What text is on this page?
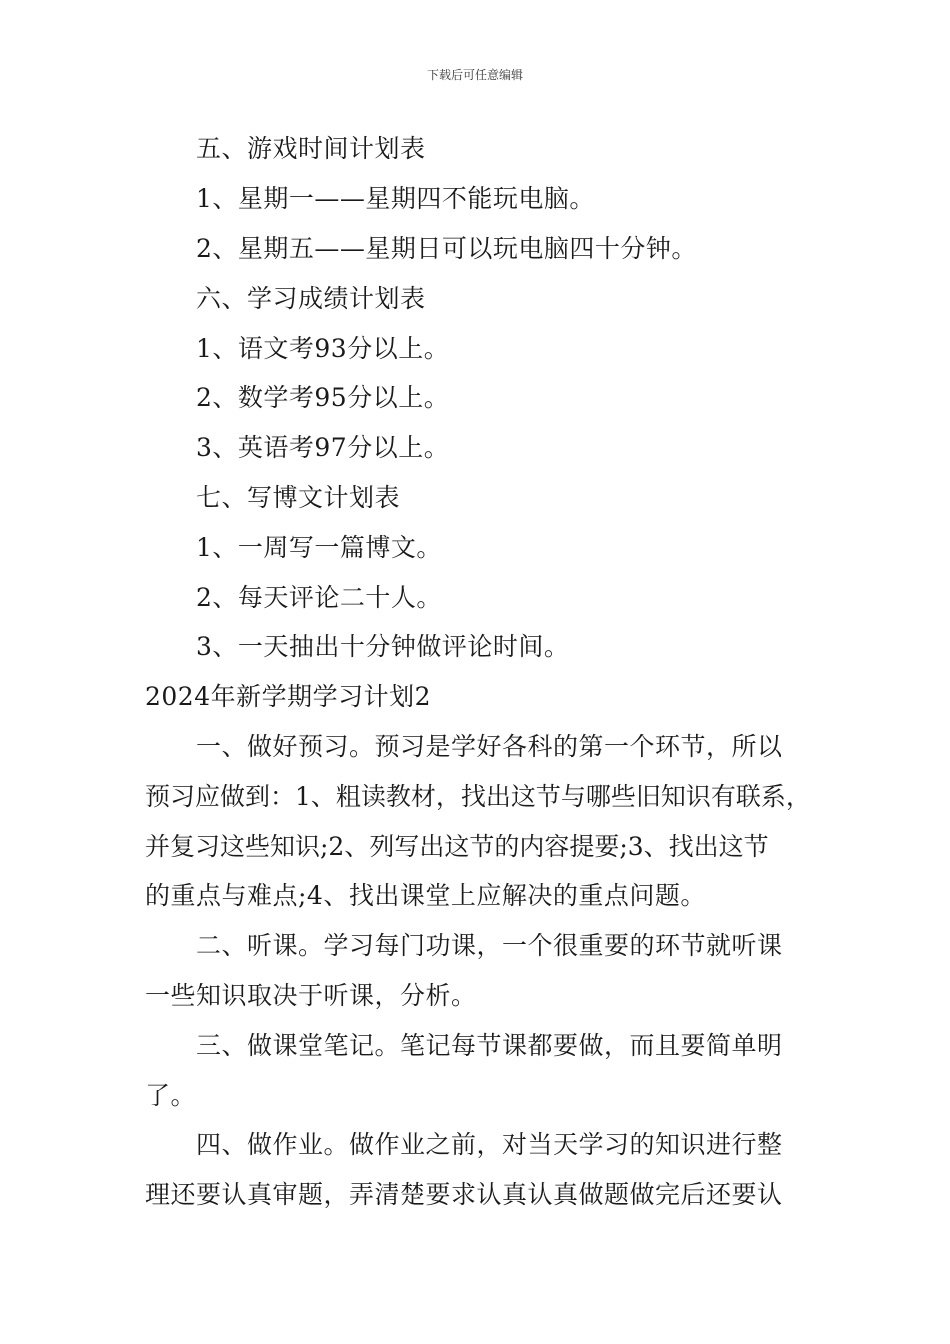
下载后可任意编辑
五、游戏时间计划表
1、星期一——星期四不能玩电脑。
2、星期五——星期日可以玩电脑四十分钟。
六、学习成绩计划表
1、语文考93分以上。
2、数学考95分以上。
3、英语考97分以上。
七、写博文计划表
1、一周写一篇博文。
2、每天评论二十人。
3、一天抽出十分钟做评论时间。
2024年新学期学习计划2
一、做好预习。预习是学好各科的第一个环节，所以
预习应做到：1、粗读教材，找出这节与哪些旧知识有联系，
并复习这些知识;2、列写出这节的内容提要;3、找出这节
的重点与难点;4、找出课堂上应解决的重点问题。
二、听课。学习每门功课，一个很重要的环节就听课
一些知识取决于听课，分析。
三、做课堂笔记。笔记每节课都要做，而且要简单明
了。
四、做作业。做作业之前，对当天学习的知识进行整
理还要认真审题，弄清楚要求认真认真做题做完后还要认
